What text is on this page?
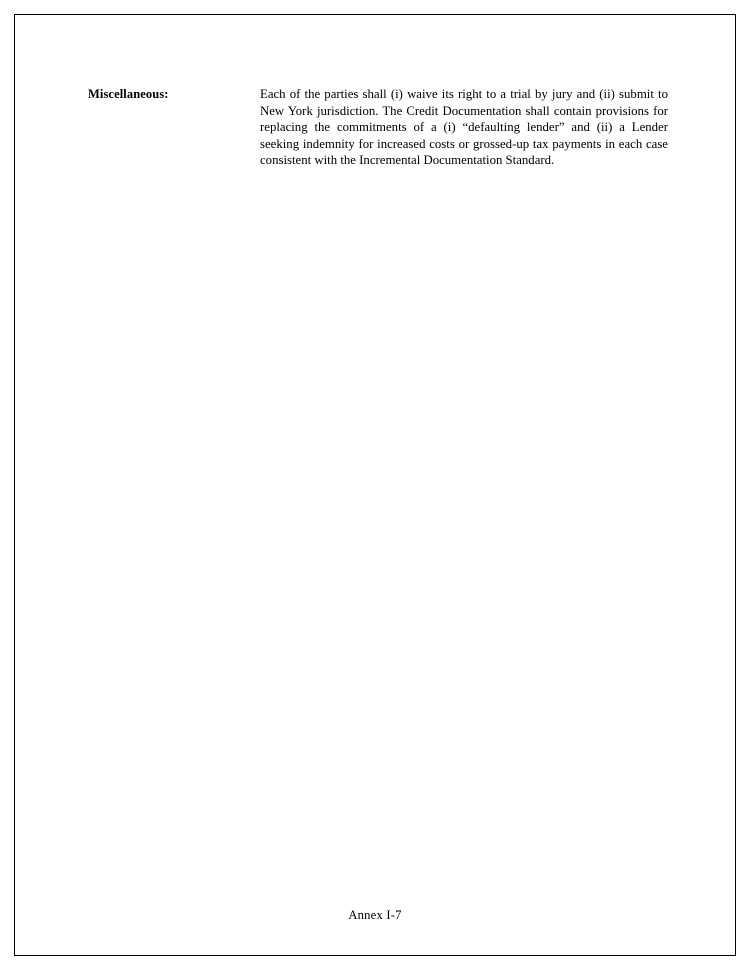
Miscellaneous:	Each of the parties shall (i) waive its right to a trial by jury and (ii) submit to New York jurisdiction. The Credit Documentation shall contain provisions for replacing the commitments of a (i) “defaulting lender” and (ii) a Lender seeking indemnity for increased costs or grossed-up tax payments in each case consistent with the Incremental Documentation Standard.
Annex I-7
